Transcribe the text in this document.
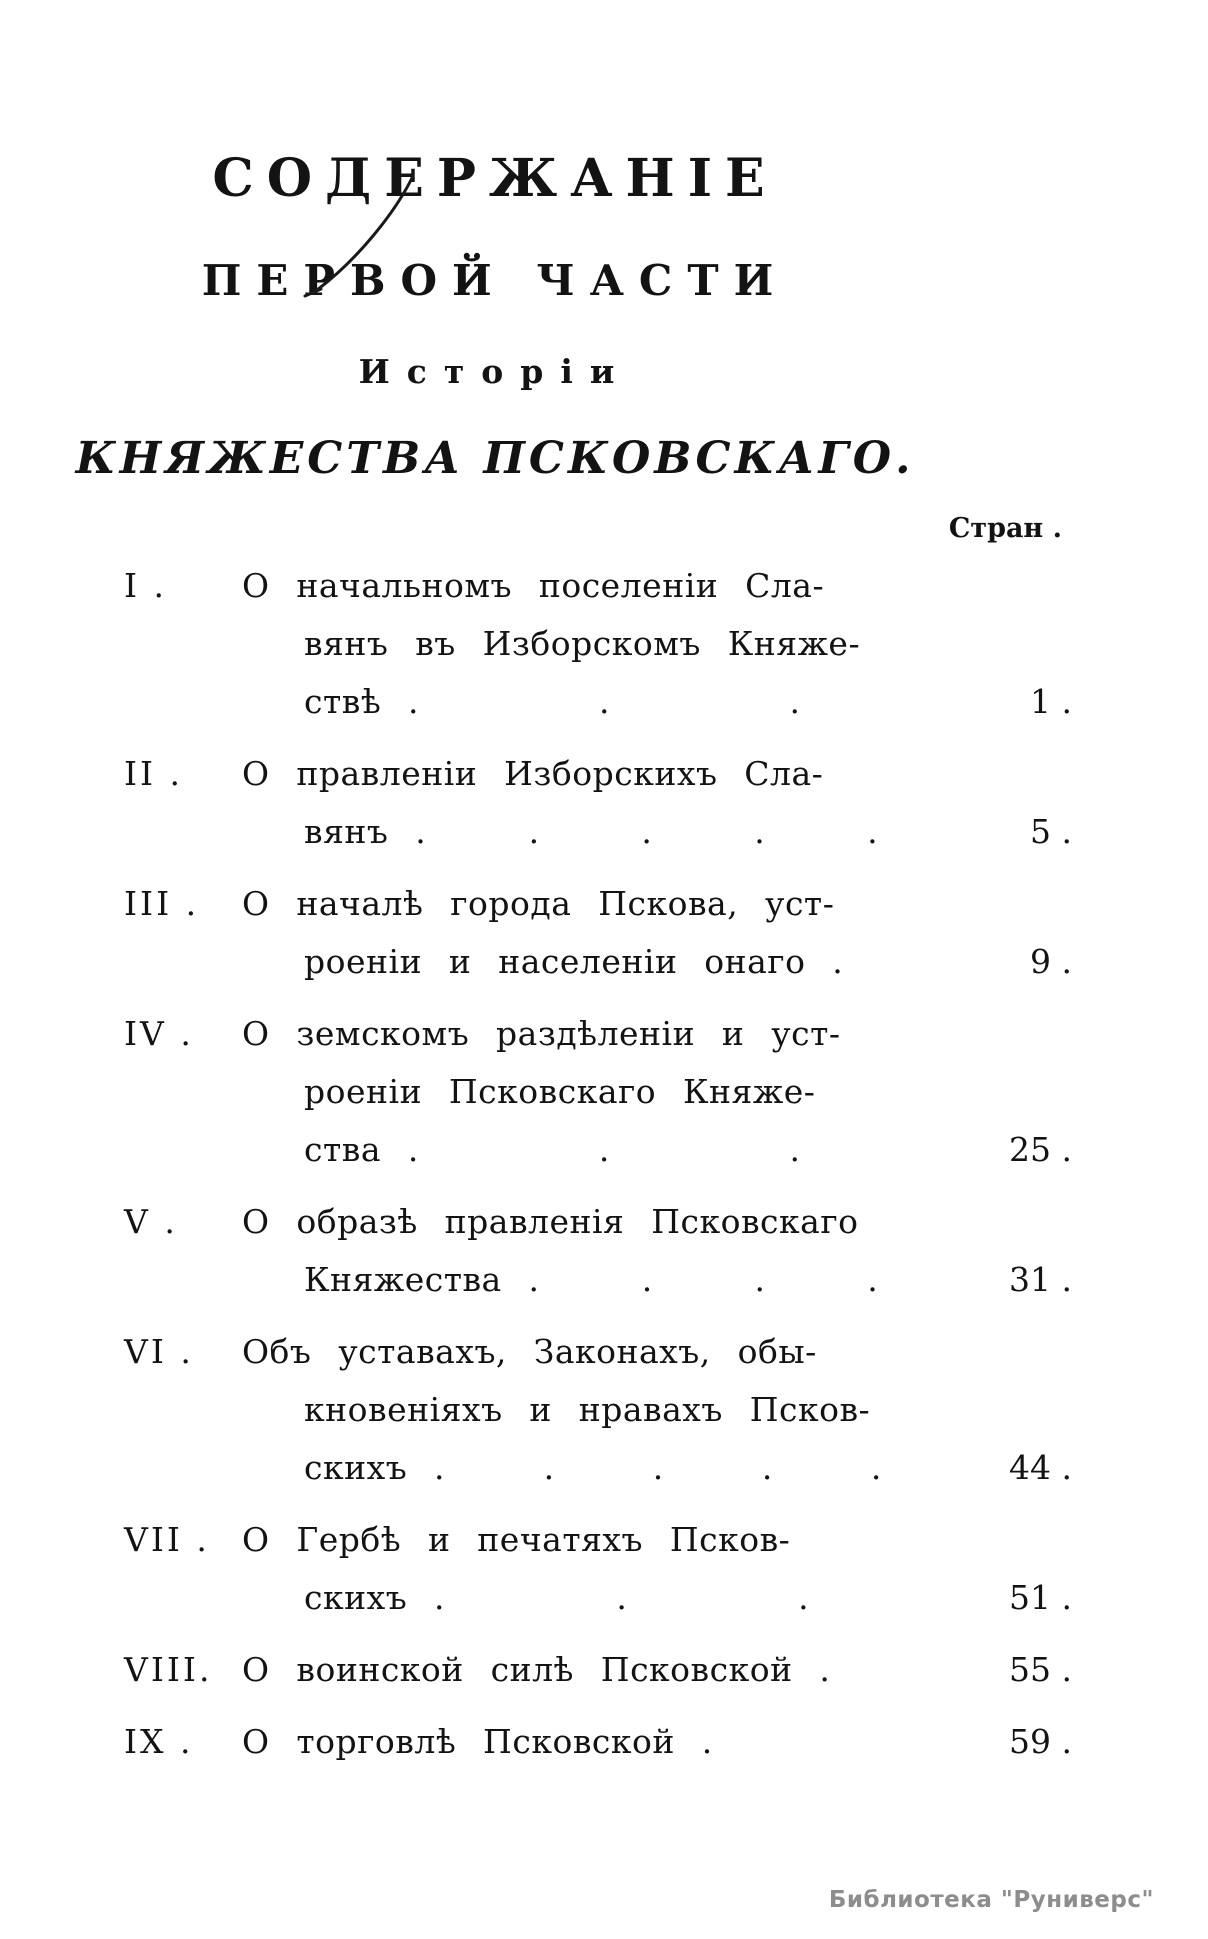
СОДЕРЖАНІЕ
ПЕРВОЙ ЧАСТИ
Исторіи
КНЯЖЕСТВА ПСКОВСКАГО.
Стран .
I .	О начальномъ поселеніи Сла-
вянъ въ Изборскомъ Княже-
ствѣ .	.	.	1 .
II .	О правленіи Изборскихъ Сла-
вянъ .	.	.	.	.	5 .
III .	О началѣ города Пскова, уст-
роеніи и населеніи онаго .	9 .
IV .	О земскомъ раздѣленіи и уст-
роеніи Псковскаго Княже-
ства .	.	.	25 .
V .	О образѣ правленія Псковскаго
Княжества .	.	.	.	31 .
VI .	Объ уставахъ, Законахъ, обы-
кновеніяхъ и нравахъ Псков-
скихъ .	.	.	.	.	44 .
VII . О Гербѣ и печатяхъ Псков-
скихъ .	.	.	51 .
VIII. О воинской силѣ Псковской .	55 .
IX .	О торговлѣ Псковской .	59 .
Библиотека "Руниверс"
